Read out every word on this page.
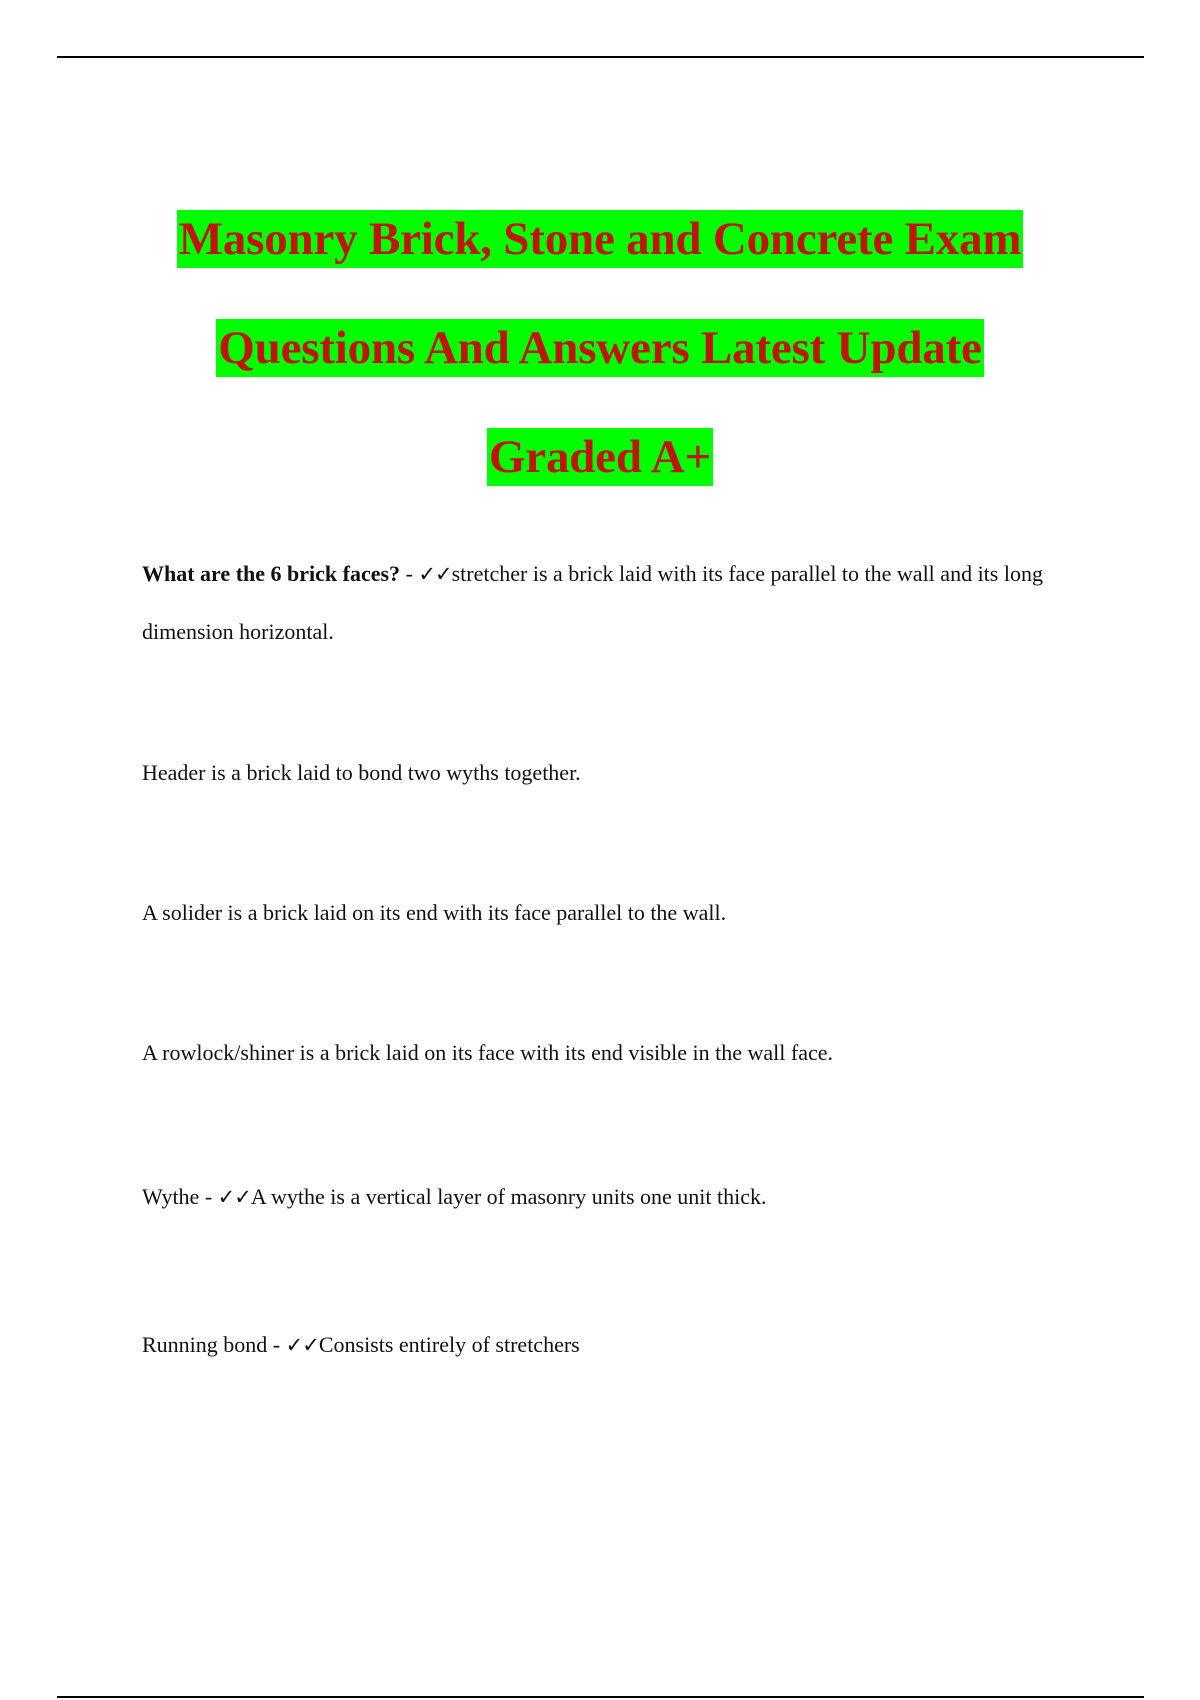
Masonry Brick, Stone and Concrete Exam
Questions And Answers Latest Update
Graded A+
What are the 6 brick faces? - ✓✓stretcher is a brick laid with its face parallel to the wall and its long dimension horizontal.
Header is a brick laid to bond two wyths together.
A solider is a brick laid on its end with its face parallel to the wall.
A rowlock/shiner is a brick laid on its face with its end visible in the wall face.
Wythe - ✓✓A wythe is a vertical layer of masonry units one unit thick.
Running bond - ✓✓Consists entirely of stretchers
